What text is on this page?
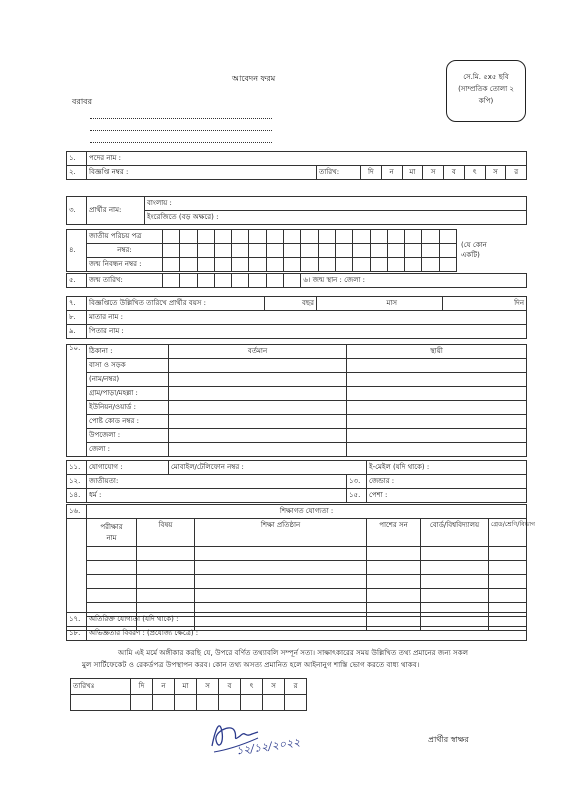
আবেদন ফরম	সে.মি. ৫x৫ ছবি
(সাম্প্রতিক তোলা ২
কপি)
বরাবর
১.	পদের নাম :									
২.	বিজ্ঞপ্তি নম্বর :	তারিখ:	দি	ন	মা	স	ব	ৎ	স	র
৩.	প্রার্থীর নাম:	বাংলায় :
ইংরেজিতে (বড় অক্ষরে) :
৪.	জাতীয় পরিচয় পত্র																		(যে কোন
একটি)

	নম্বর:																		
	জন্ম নিবন্ধন নম্বর :																		
৫.	জন্ম তারিখ:									৬। জন্ম স্থান : জেলা :
৭.	বিজ্ঞপ্তিতে উল্লিখিত তারিখে প্রার্থীর বয়স :	বছর		মাস	দিন
৮.	মাতার নাম :				
৯.	পিতার নাম :				
১০.	ঠিকানা :	বর্তমান	স্থায়ী
	বাসা ও সড়ক		
	(নাম/নম্বর)		
	গ্রাম/পাড়া/মহল্লা :		
	ইউনিয়ন/ওয়ার্ড :		
	পোষ্ট কোড নম্বর :		
	উপজেলা :		
	জেলা :		
১১.	যোগাযোগ :	মোবাইল/টেলিফোন নম্বর :		ই-মেইল (যদি থাকে) :
১২.	জাতীয়তা:		১৩.	জেন্ডার :
১৪.	ধর্ম :		১৫.	পেশা :
১৬.	শিক্ষাগত যোগ্যতা :					
	পরীক্ষার
নাম	বিষয়	শিক্ষা প্রতিষ্ঠান	পাশের সন	বোর্ড/বিশ্ববিদ্যালয়	গ্রেড/শ্রেণি/বিভাগ

১৭.	অতিরিক্ত যোগ্যতা (যদি থাকে) :
১৮.	অভিজ্ঞতার বিবরণ : (প্রযোজ্য ক্ষেত্রে) :
আমি এই মর্মে অঙ্গীকার করছি যে, উপরে বর্ণিত তথ্যাবলি সম্পূর্ন সত্য। সাক্ষাৎকারের সময় উল্লিখিত তথ্য প্রমানের জন্য সকল
মুল সার্টিফেকেট ও রেকর্ডপত্র উপস্থাপন করব। কোন তথ্য অসত্য প্রমানিত হলে আইনানুগ শাস্তি ভোগ করতে বাধ্য থাকব।
তারিখঃ	দি	ন	মা	স	ব	ৎ	স	র

১২/১২/২০২২	প্রার্থীর স্বাক্ষর
